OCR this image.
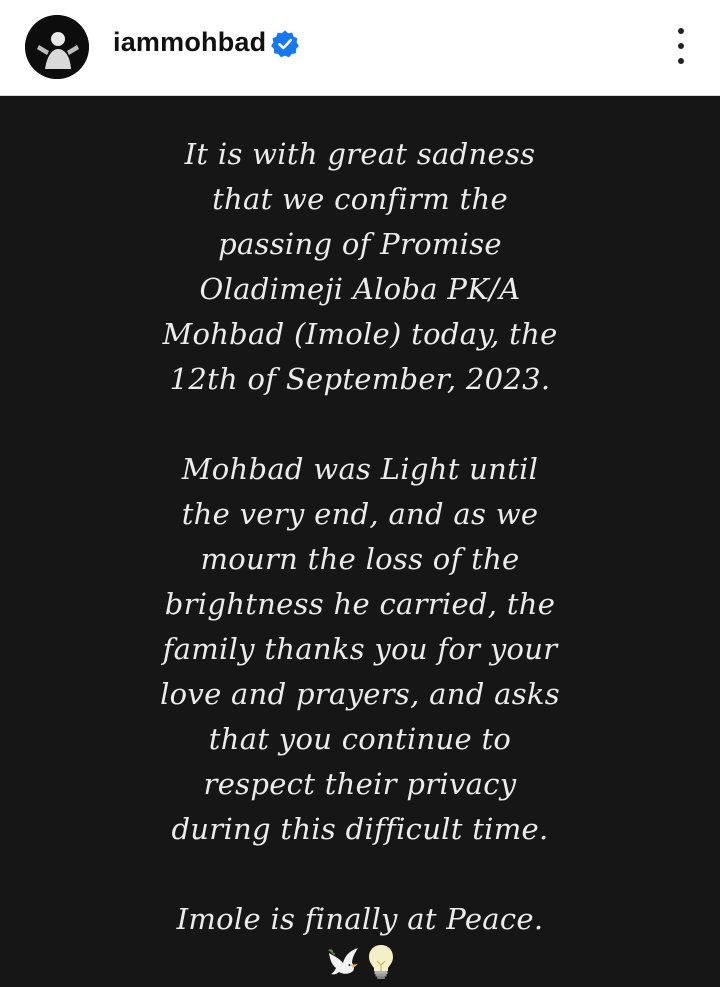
iammohbad

It is with great sadness
that we confirm the
passing of Promise
Oladimeji Aloba PK/A
Mohbad (Imole) today, the
12th of September, 2023.

Mohbad was Light until
the very end, and as we
mourn the loss of the
brightness he carried, the
family thanks you for your
love and prayers, and asks
that you continue to
respect their privacy
during this difficult time.

Imole is finally at Peace.
